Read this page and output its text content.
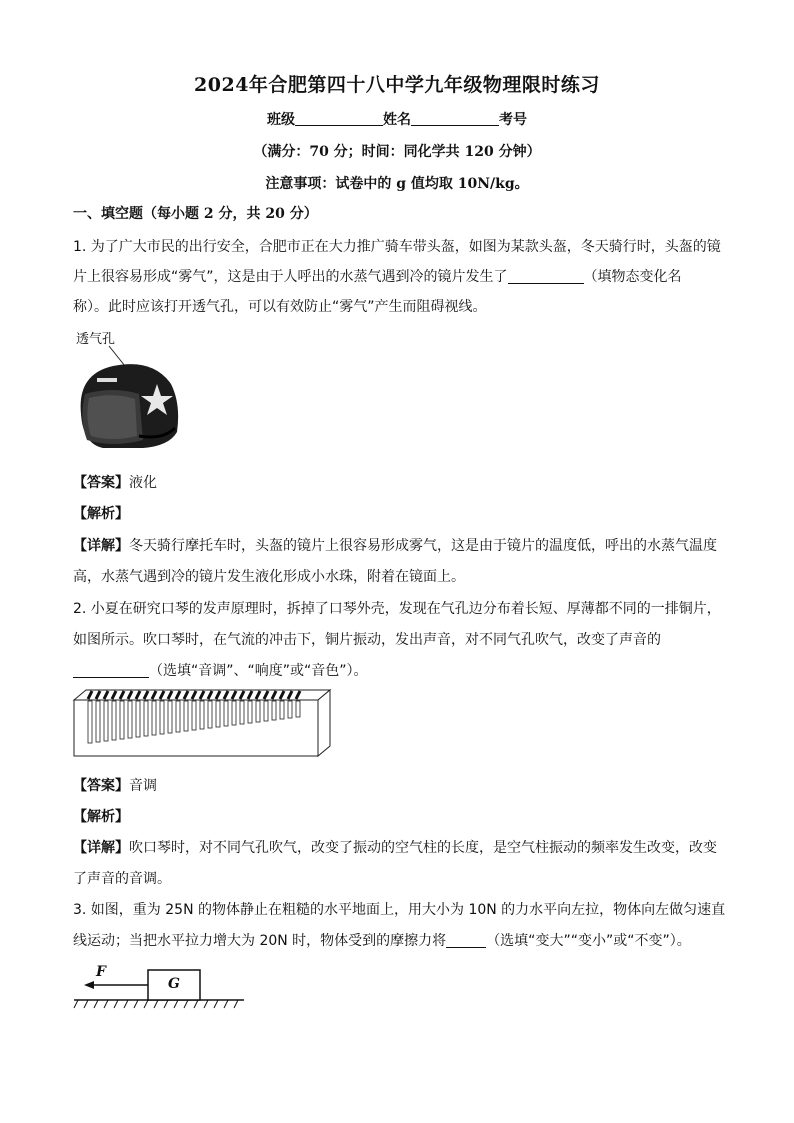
2024年合肥第四十八中学九年级物理限时练习
班级	姓名	考号
（满分：70 分；时间：同化学共 120 分钟）
注意事项：试卷中的 g 值均取 10N/kg。
一、填空题（每小题 2 分，共 20 分）
1. 为了广大市民的出行安全，合肥市正在大力推广骑车带头盔，如图为某款头盔，冬天骑行时，头盔的镜
片上很容易形成“雾气”，这是由于人呼出的水蒸气遇到冷的镜片发生了	（填物态变化名
称）。此时应该打开透气孔，可以有效防止“雾气”产生而阻碍视线。
透气孔
【答案】液化
【解析】
【详解】冬天骑行摩托车时，头盔的镜片上很容易形成雾气，这是由于镜片的温度低，呼出的水蒸气温度
高，水蒸气遇到冷的镜片发生液化形成小水珠，附着在镜面上。
2. 小夏在研究口琴的发声原理时，拆掉了口琴外壳，发现在气孔边分布着长短、厚薄都不同的一排铜片，
如图所示。吹口琴时，在气流的冲击下，铜片振动，发出声音，对不同气孔吹气，改变了声音的
（选填“音调”、“响度”或“音色”）。
【答案】音调
【解析】
【详解】吹口琴时，对不同气孔吹气，改变了振动的空气柱的长度，是空气柱振动的频率发生改变，改变
了声音的音调。
3. 如图，重为 25N 的物体静止在粗糙的水平地面上，用大小为 10N 的力水平向左拉，物体向左做匀速直
线运动；当把水平拉力增大为 20N 时，物体受到的摩擦力将	（选填“变大”“变小”或“不变”）。
F
G
